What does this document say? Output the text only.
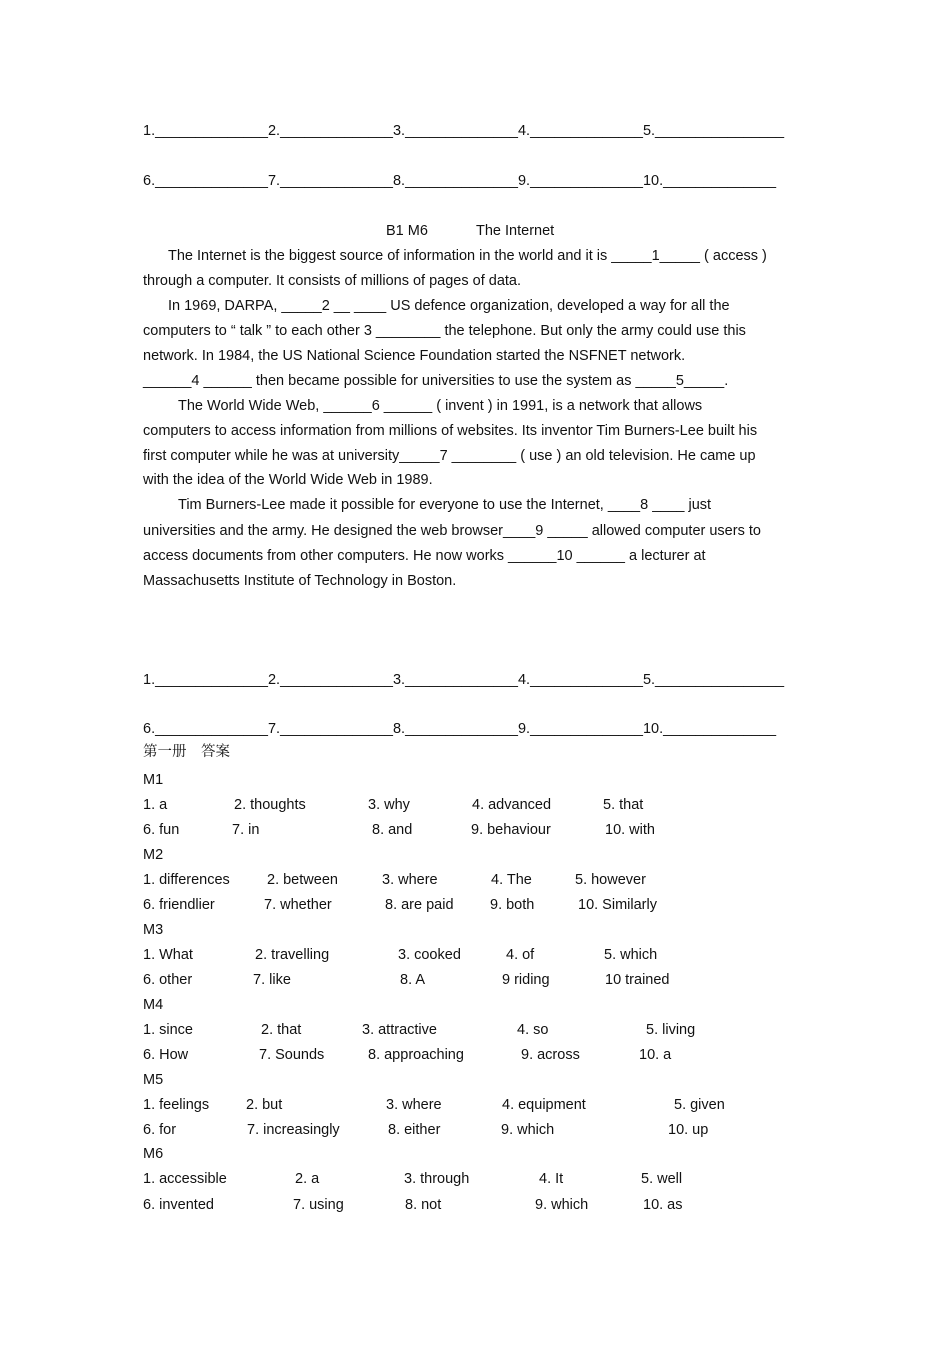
1.______________2.______________3.______________4.______________5.________________
6.______________7.______________8.______________9.______________10.______________
B1 M6	The Internet
The Internet is the biggest source of information in the world and it is _____1_____ ( access )
through a computer. It consists of millions of pages of data.
In 1969, DARPA, _____2 __ ____ US defence organization, developed a way for all the
computers to “ talk ” to each other 3 ________ the telephone. But only the army could use this
network. In 1984, the US National Science Foundation started the NSFNET network.
______4 ______ then became possible for universities to use the system as _____5_____.
The World Wide Web, ______6 ______ ( invent ) in 1991, is a network that allows
computers to access information from millions of websites. Its inventor Tim Burners-Lee built his
first computer while he was at university_____7 ________ ( use ) an old television. He came up
with the idea of the World Wide Web in 1989.
Tim Burners-Lee made it possible for everyone to use the Internet, ____8 ____ just
universities and the army. He designed the web browser____9 _____ allowed computer users to
access documents from other computers. He now works ______10 ______ a lecturer at
Massachusetts Institute of Technology in Boston.
1.______________2.______________3.______________4.______________5.________________
6.______________7.______________8.______________9.______________10.______________
第一册　答案
M1
1. a	2. thoughts	3. why	4. advanced	5. that
6. fun	7. in	8. and	9. behaviour	10. with
M2
1. differences	2. between	3. where	4. The	5. however
6. friendlier	7. whether	8. are paid	9. both	10. Similarly
M3
1. What	2. travelling	3. cooked	4. of	5. which
6. other	7. like	8. A	9 riding	10 trained
M4
1. since	2. that	3. attractive	4. so	5. living
6. How	7. Sounds	8. approaching	9. across	10. a
M5
1. feelings	2. but	3. where	4. equipment	5. given
6. for	7. increasingly	8. either	9. which	10. up
M6
1. accessible	2. a	3. through	4. It	5. well
6. invented	7. using	8. not	9. which	10. as
